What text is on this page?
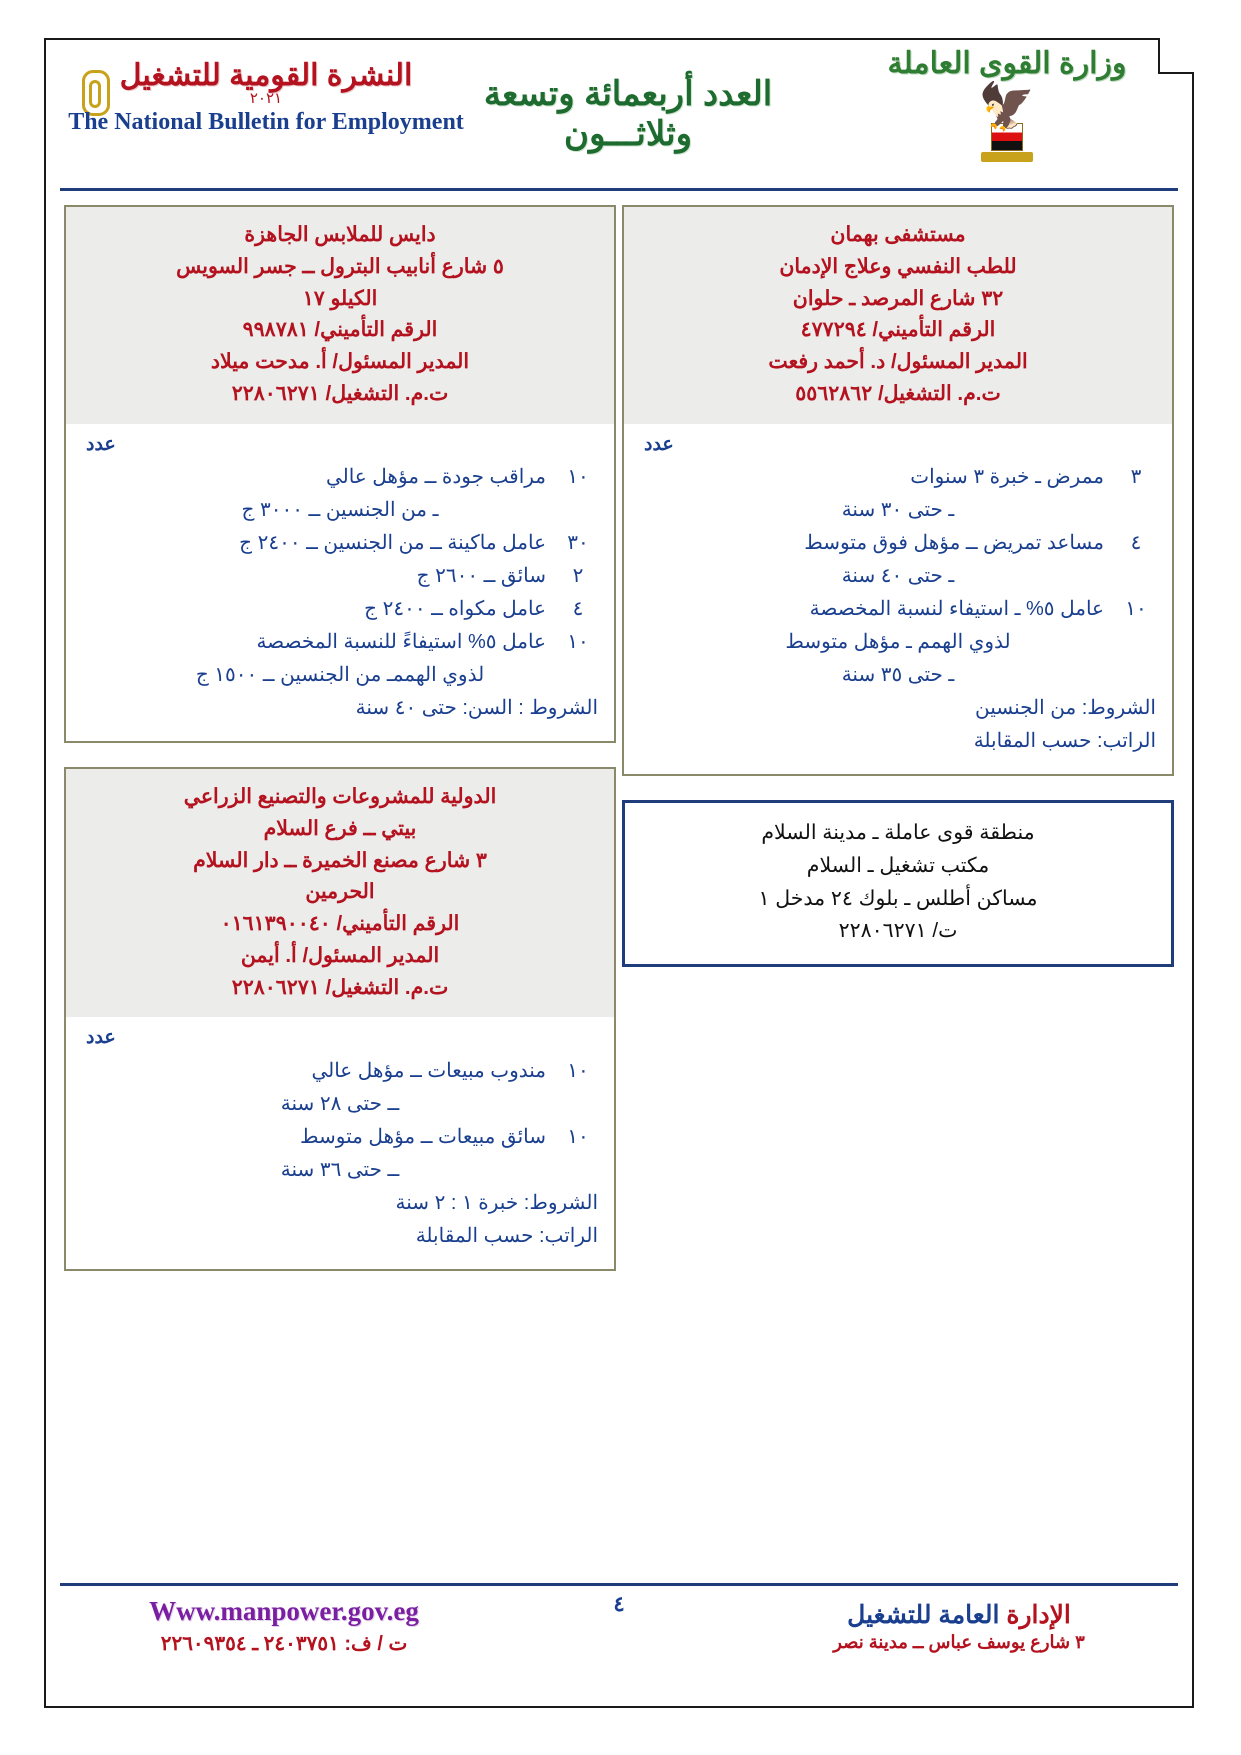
وزارة القوى العاملة
🦅
العدد أربعمائة وتسعة وثلاثـــون
النشرة القومية للتشغيل
٢٠٢١
The National Bulletin for Employment
مستشفى بهمان
للطب النفسي وعلاج الإدمان
٣٢ شارع المرصد ـ حلوان
الرقم التأميني/ ٤٧٧٢٩٤
المدير المسئول/ د. أحمد رفعت
ت.م. التشغيل/ ٥٥٦٢٨٦٢
عدد
٣
ممرض ـ خبرة ٣ سنوات
ـ حتى ٣٠ سنة
٤
مساعد تمريض ــ مؤهل فوق متوسط
ـ حتى ٤٠ سنة
١٠
عامل ٥% ـ استيفاء لنسبة المخصصة
لذوي الهمم ـ مؤهل متوسط
ـ حتى ٣٥ سنة
الشروط: من الجنسين
الراتب: حسب المقابلة
منطقة قوى عاملة ـ مدينة السلام
مكتب تشغيل ـ السلام
مساكن أطلس ـ بلوك ٢٤ مدخل ١
ت/ ٢٢٨٠٦٢٧١
دايس للملابس الجاهزة
٥ شارع أنابيب البترول ــ جسر السويس
الكيلو ١٧
الرقم التأميني/ ٩٩٨٧٨١
المدير المسئول/ أ. مدحت ميلاد
ت.م. التشغيل/ ٢٢٨٠٦٢٧١
عدد
١٠
مراقب جودة ــ مؤهل عالي
ـ من الجنسين ــ ٣٠٠٠ ج
٣٠
عامل ماكينة ــ من الجنسين ــ ٢٤٠٠ ج
٢
سائق ــ ٢٦٠٠ ج
٤
عامل مكواه ــ ٢٤٠٠ ج
١٠
عامل ٥% استيفاءً للنسبة المخصصة
لذوي الهممـ من الجنسين ــ ١٥٠٠ ج
الشروط : السن: حتى ٤٠ سنة
الدولية للمشروعات والتصنيع الزراعي
بيتي ــ فرع السلام
٣ شارع مصنع الخميرة ــ دار السلام
الحرمين
الرقم التأميني/ ٠١٦١٣٩٠٠٤٠
المدير المسئول/ أ. أيمن
ت.م. التشغيل/ ٢٢٨٠٦٢٧١
عدد
١٠
مندوب مبيعات ــ مؤهل عالي
ــ حتى ٢٨ سنة
١٠
سائق مبيعات ــ مؤهل متوسط
ــ حتى ٣٦ سنة
الشروط: خبرة ١ : ٢ سنة
الراتب: حسب المقابلة
الإدارة العامة للتشغيل
٣ شارع يوسف عباس ــ مدينة نصر
٤
Www.manpower.gov.eg
ت / ف: ٢٤٠٣٧٥١ ـ ٢٢٦٠٩٣٥٤
